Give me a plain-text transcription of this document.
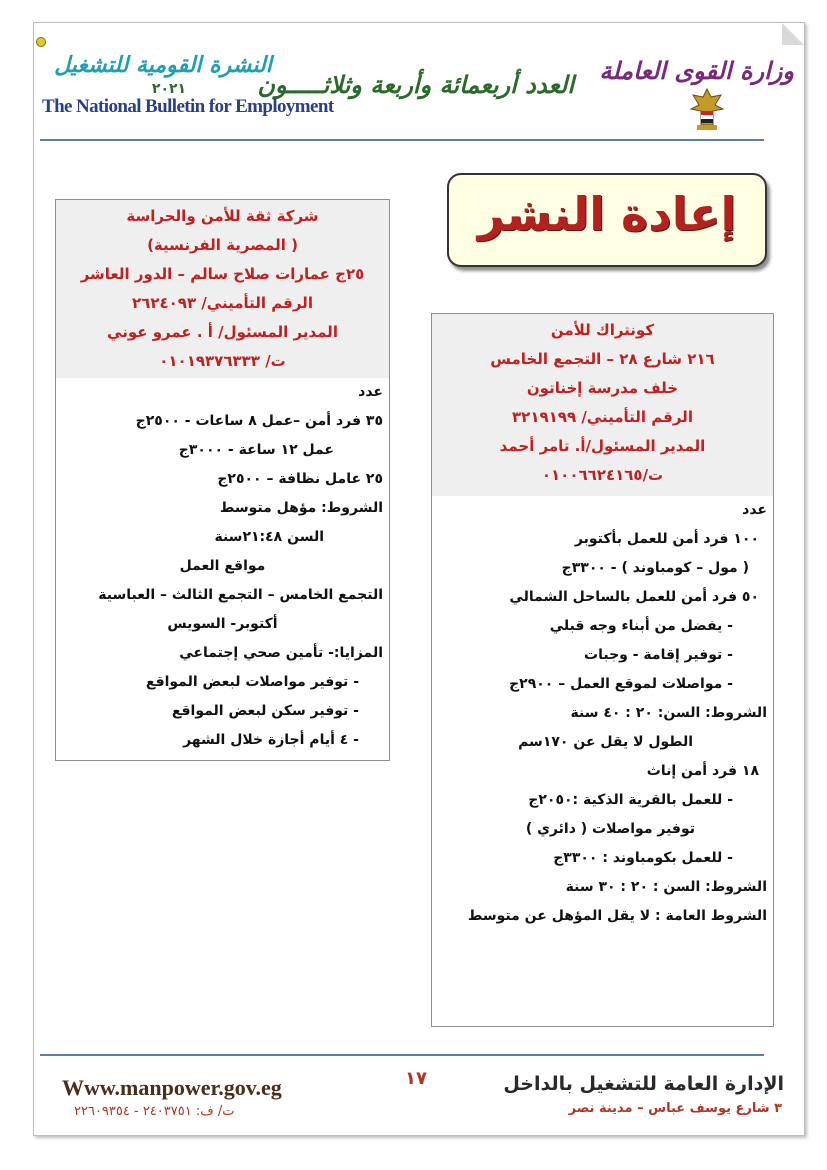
وزارة القوى العاملة
العدد أربعمائة وأربعة وثلاثـــــون
النشرة القومية للتشغيل
٢٠٢١
The National Bulletin for Employment
إعادة النشر
شركة ثقة للأمن والحراسة
( المصرية الفرنسية)
٢٥ج عمارات صلاح سالم – الدور العاشر
الرقم التأميني/ ٢٦٢٤٠٩٣
المدير المسئول/ أ . عمرو عوني
ت/ ٠١٠١٩٣٧٦٣٣٣
عدد
٣٥ فرد أمن –عمل ٨ ساعات - ٢٥٠٠ج
عمل ١٢ ساعة - ٣٠٠٠ج
٢٥ عامل نظافة – ٢٥٠٠ج
الشروط: مؤهل متوسط
السن ٢١:٤٨سنة
مواقع العمل
التجمع الخامس – التجمع الثالث – العباسية
أكتوبر- السويس
المزايا:- تأمين صحي إجتماعي
- توفير مواصلات لبعض المواقع
- توفير سكن لبعض المواقع
- ٤ أيام أجازة خلال الشهر
كونتراك للأمن
٢١٦ شارع ٢٨ – التجمع الخامس
خلف مدرسة إخناتون
الرقم التأميني/ ٣٢١٩١٩٩
المدير المسئول/أ. تامر أحمد
ت/٠١٠٠٦٦٢٤١٦٥
عدد
١٠٠ فرد أمن للعمل بأكتوبر
( مول – كومباوند ) - ٣٣٠٠ج
٥٠ فرد أمن للعمل بالساحل الشمالي
- يفضل من أبناء وجه قبلي
- توفير إقامة - وجبات
- مواصلات لموقع العمل – ٢٩٠٠ج
الشروط: السن: ٢٠ : ٤٠ سنة
الطول لا يقل عن ١٧٠سم
١٨ فرد أمن إناث
- للعمل بالقرية الذكية :٢٠٥٠ج
توفير مواصلات ( دائري )
- للعمل بكومباوند : ٣٣٠٠ج
الشروط: السن : ٢٠ : ٣٠ سنة
الشروط العامة : لا يقل المؤهل عن متوسط
Www.manpower.gov.eg
ت/ ف: ٢٤٠٣٧٥١ - ٢٢٦٠٩٣٥٤
١٧	الإدارة العامة للتشغيل بالداخل
٣ شارع يوسف عباس – مدينة نصر
